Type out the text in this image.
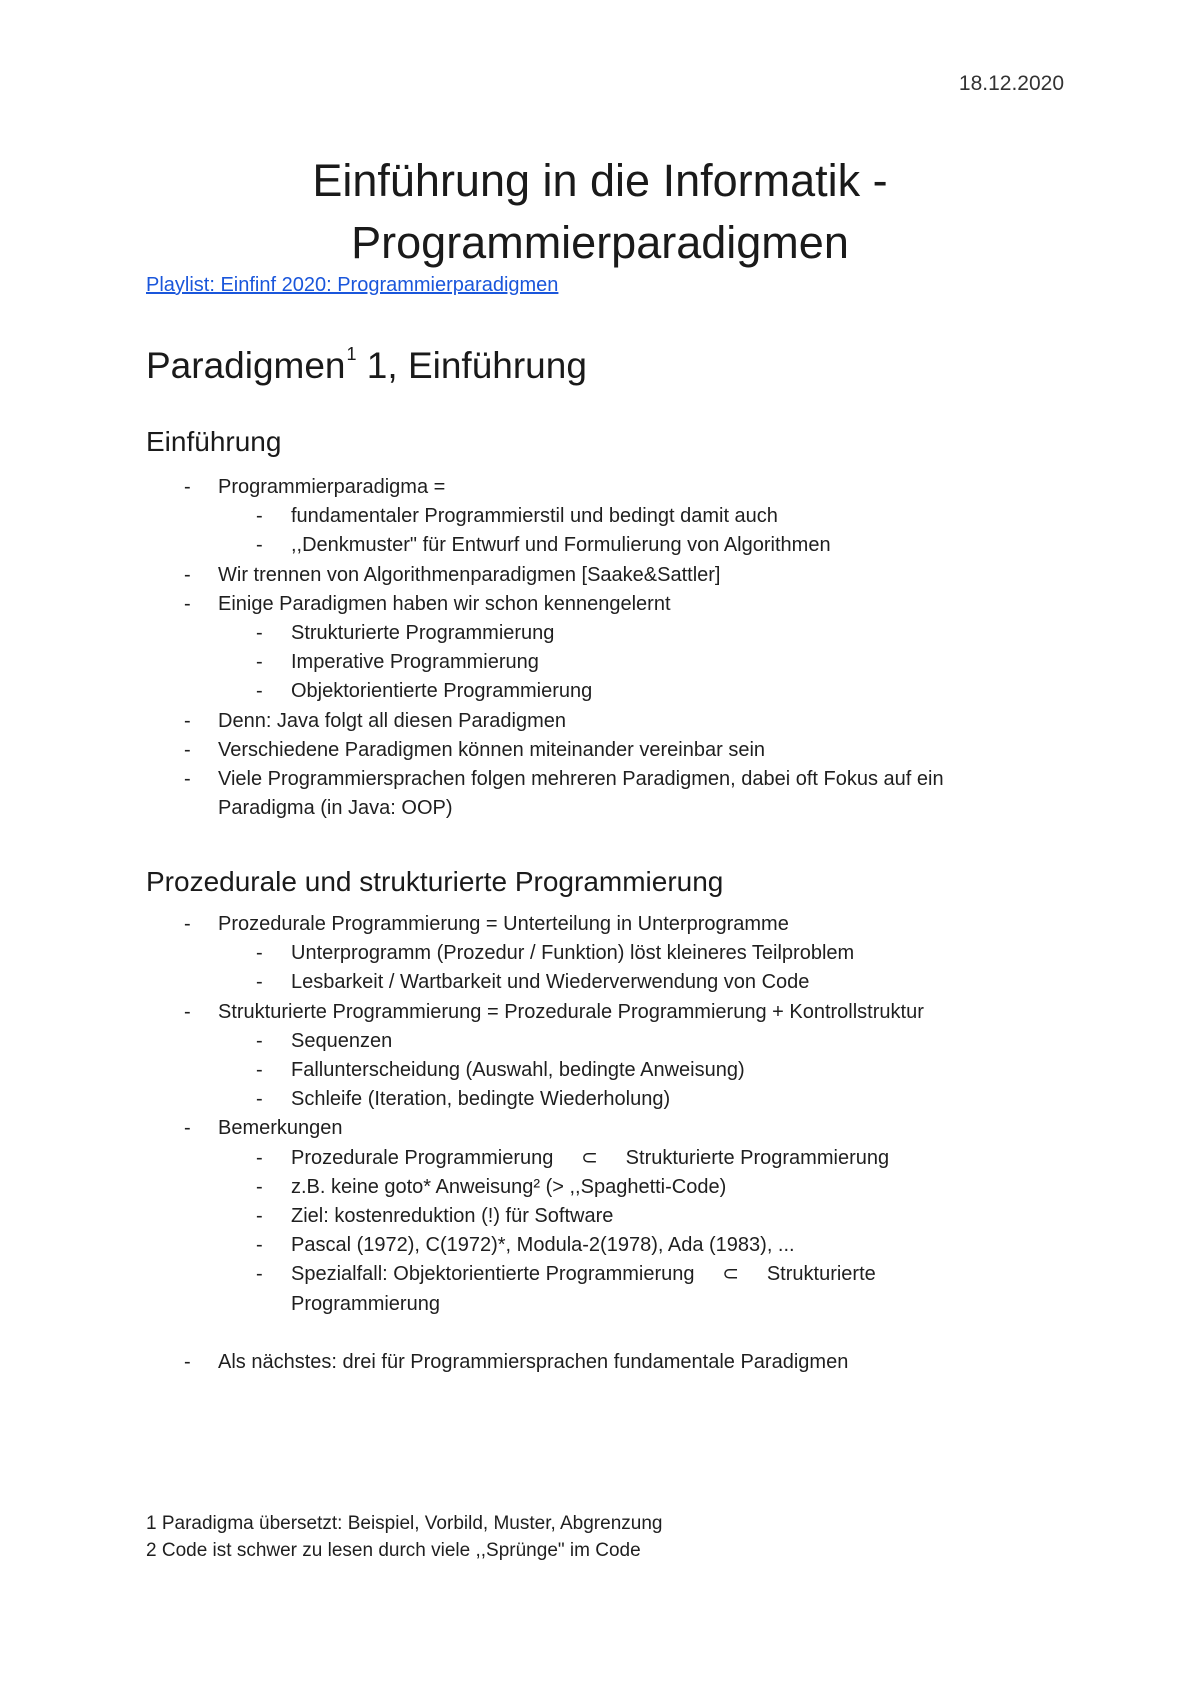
18.12.2020
Einführung in die Informatik -
Programmierparadigmen
Playlist: Einfinf 2020: Programmierparadigmen
Paradigmen$^1$ 1, Einführung
Einführung
- Programmierparadigma =
- fundamentaler Programmierstil und bedingt damit auch
- ,,Denkmuster" für Entwurf und Formulierung von Algorithmen
- Wir trennen von Algorithmenparadigmen [Saake&Sattler]
- Einige Paradigmen haben wir schon kennengelernt
- Strukturierte Programmierung
- Imperative Programmierung
- Objektorientierte Programmierung
- Denn: Java folgt all diesen Paradigmen
- Verschiedene Paradigmen können miteinander vereinbar sein
- Viele Programmiersprachen folgen mehreren Paradigmen, dabei oft Fokus auf ein
Paradigma (in Java: OOP)
Prozedurale und strukturierte Programmierung
- Prozedurale Programmierung = Unterteilung in Unterprogramme
- Unterprogramm (Prozedur / Funktion) löst kleineres Teilproblem
- Lesbarkeit / Wartbarkeit und Wiederverwendung von Code
- Strukturierte Programmierung = Prozedurale Programmierung + Kontrollstruktur
- Sequenzen
- Fallunterscheidung (Auswahl, bedingte Anweisung)
- Schleife (Iteration, bedingte Wiederholung)
- Bemerkungen
- Prozedurale Programmierung     ⊂     Strukturierte Programmierung
- z.B. keine goto* Anweisung² (> ,,Spaghetti-Code)
- Ziel: kostenreduktion (!) für Software
- Pascal (1972), C(1972)*, Modula-2(1978), Ada (1983), ...
- Spezialfall: Objektorientierte Programmierung     ⊂     Strukturierte
Programmierung
- Als nächstes: drei für Programmiersprachen fundamentale Paradigmen
1 Paradigma übersetzt: Beispiel, Vorbild, Muster, Abgrenzung
2 Code ist schwer zu lesen durch viele ,,Sprünge" im Code
